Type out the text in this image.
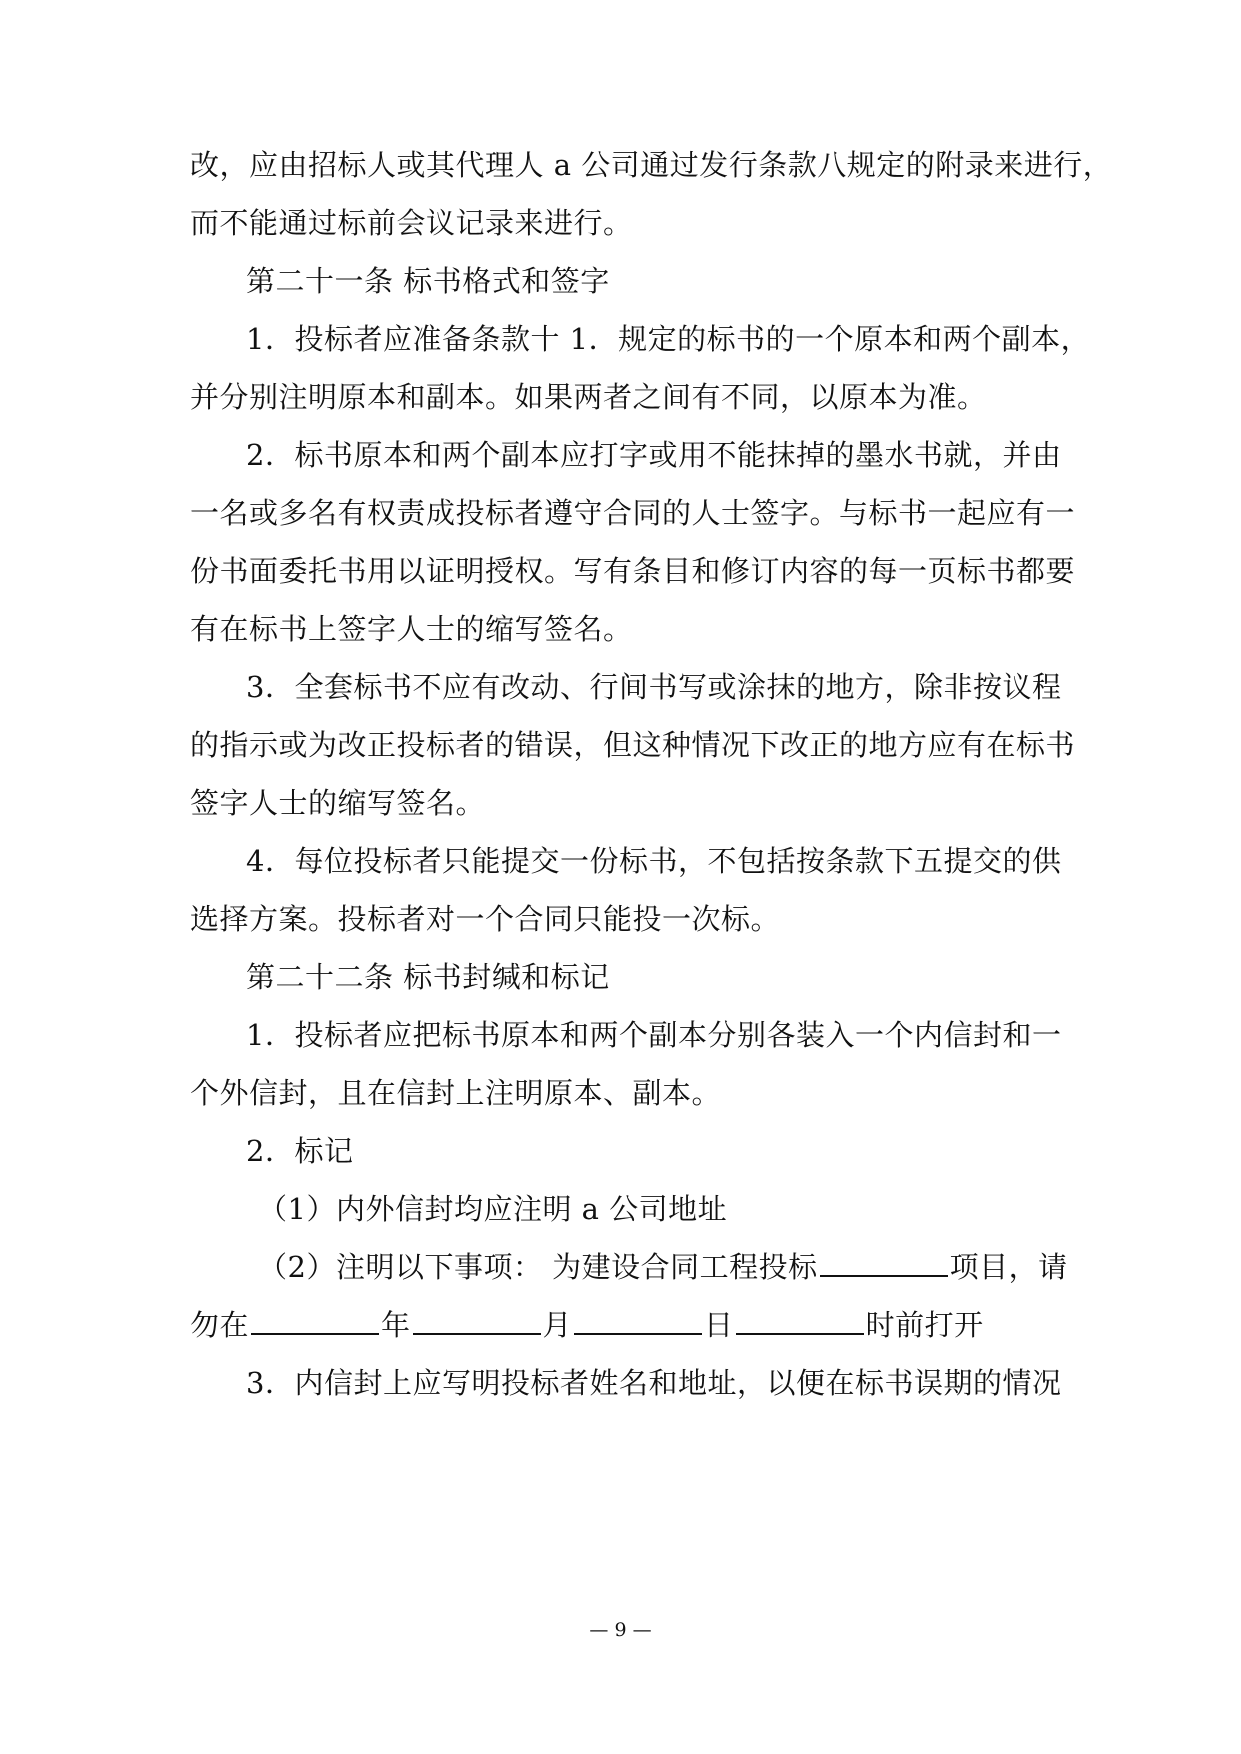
改，应由招标人或其代理人 a 公司通过发行条款八规定的附录来进行，
而不能通过标前会议记录来进行。
第二十一条 标书格式和签字
1．投标者应准备条款十 1．规定的标书的一个原本和两个副本，
并分别注明原本和副本。如果两者之间有不同，以原本为准。
2．标书原本和两个副本应打字或用不能抹掉的墨水书就，并由
一名或多名有权责成投标者遵守合同的人士签字。与标书一起应有一
份书面委托书用以证明授权。写有条目和修订内容的每一页标书都要
有在标书上签字人士的缩写签名。
3．全套标书不应有改动、行间书写或涂抹的地方，除非按议程
的指示或为改正投标者的错误，但这种情况下改正的地方应有在标书
签字人士的缩写签名。
4．每位投标者只能提交一份标书，不包括按条款下五提交的供
选择方案。投标者对一个合同只能投一次标。
第二十二条 标书封缄和标记
1．投标者应把标书原本和两个副本分别各装入一个内信封和一
个外信封，且在信封上注明原本、副本。
2．标记
（1）内外信封均应注明 a 公司地址
（2）注明以下事项： 为建设合同工程投标	项目，请
勿在	年	月	日	时前打开
3．内信封上应写明投标者姓名和地址，以便在标书误期的情况
— 9 —
